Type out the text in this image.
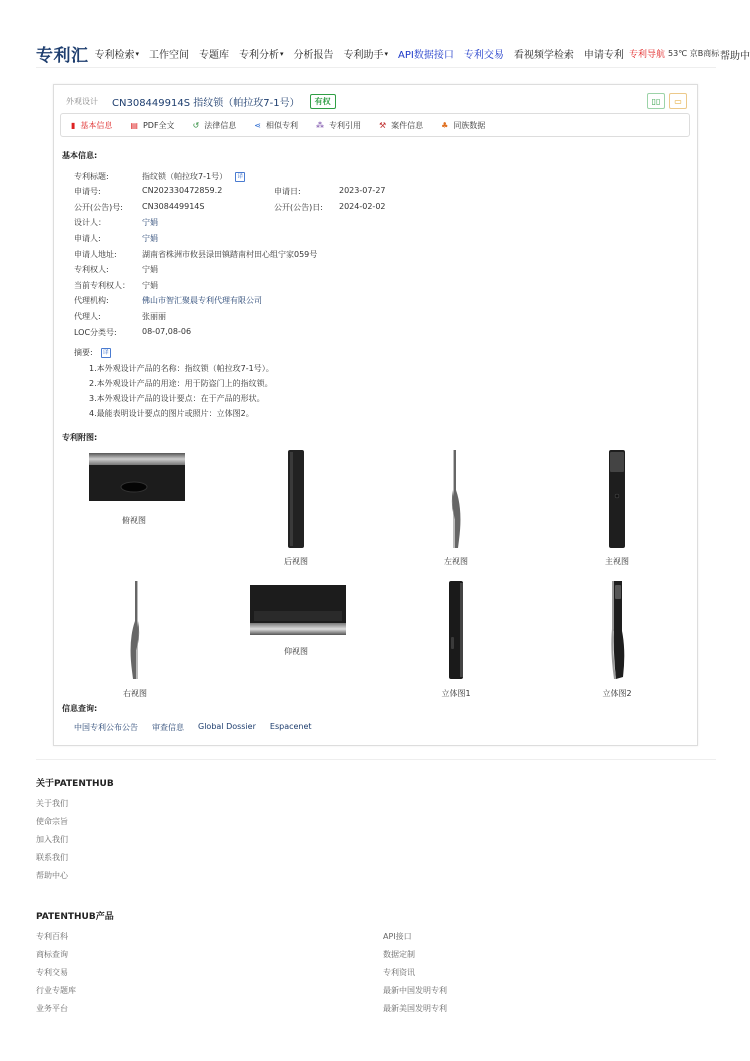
专利汇 专利检索 ▾ 工作空间 专题库 专利分析 ▾ 分析报告 专利助手 ▾ API数据接口 专利交易 看视频学检索 申请专利 专利导航 53℃ 京B商标 帮助中
外观设计 CN308449914S 指纹锁（帕拉玫7-1号）	有权	▯▯	▭
▮ 基本信息 ▤ PDF全文 ↺ 法律信息 ⋖ 相似专利 ⁂ 专利引用 ⚒ 案件信息 ♣ 同族数据
基本信息:
专利标题:	指纹锁（帕拉玫7-1号） 译
申请号:	CN202330472859.2	申请日:	2023-07-27
公开(公告)号: CN308449914S	公开(公告)日: 2024-02-02
设计人：	宁娟
申请人:	宁娟
申请人地址:	湖南省株洲市攸县渌田镇踏南村田心组宁家059号
专利权人:	宁娟
当前专利权人： 宁娟
代理机构:	佛山市智汇聚晨专利代理有限公司
代理人:	张丽丽
LOC分类号:	08-07,08-06
摘要: 译
1.本外观设计产品的名称：指纹锁（帕拉玫7-1号）。
2.本外观设计产品的用途：用于防盗门上的指纹锁。
3.本外观设计产品的设计要点：在于产品的形状。
4.最能表明设计要点的图片或照片：立体图2。
专利附图:
俯视图
后视图	左视图	主视图
右视图
仰视图
立体图1	立体图2
信息查询:
中国专利公布公告 审查信息 Global Dossier Espacenet
关于PATENTHUB
关于我们
使命宗旨
加入我们
联系我们
帮助中心
PATENTHUB产品
专利百科
商标查询
专利交易
行业专题库
业务平台
API接口
数据定制
专利资讯
最新中国发明专利
最新美国发明专利
